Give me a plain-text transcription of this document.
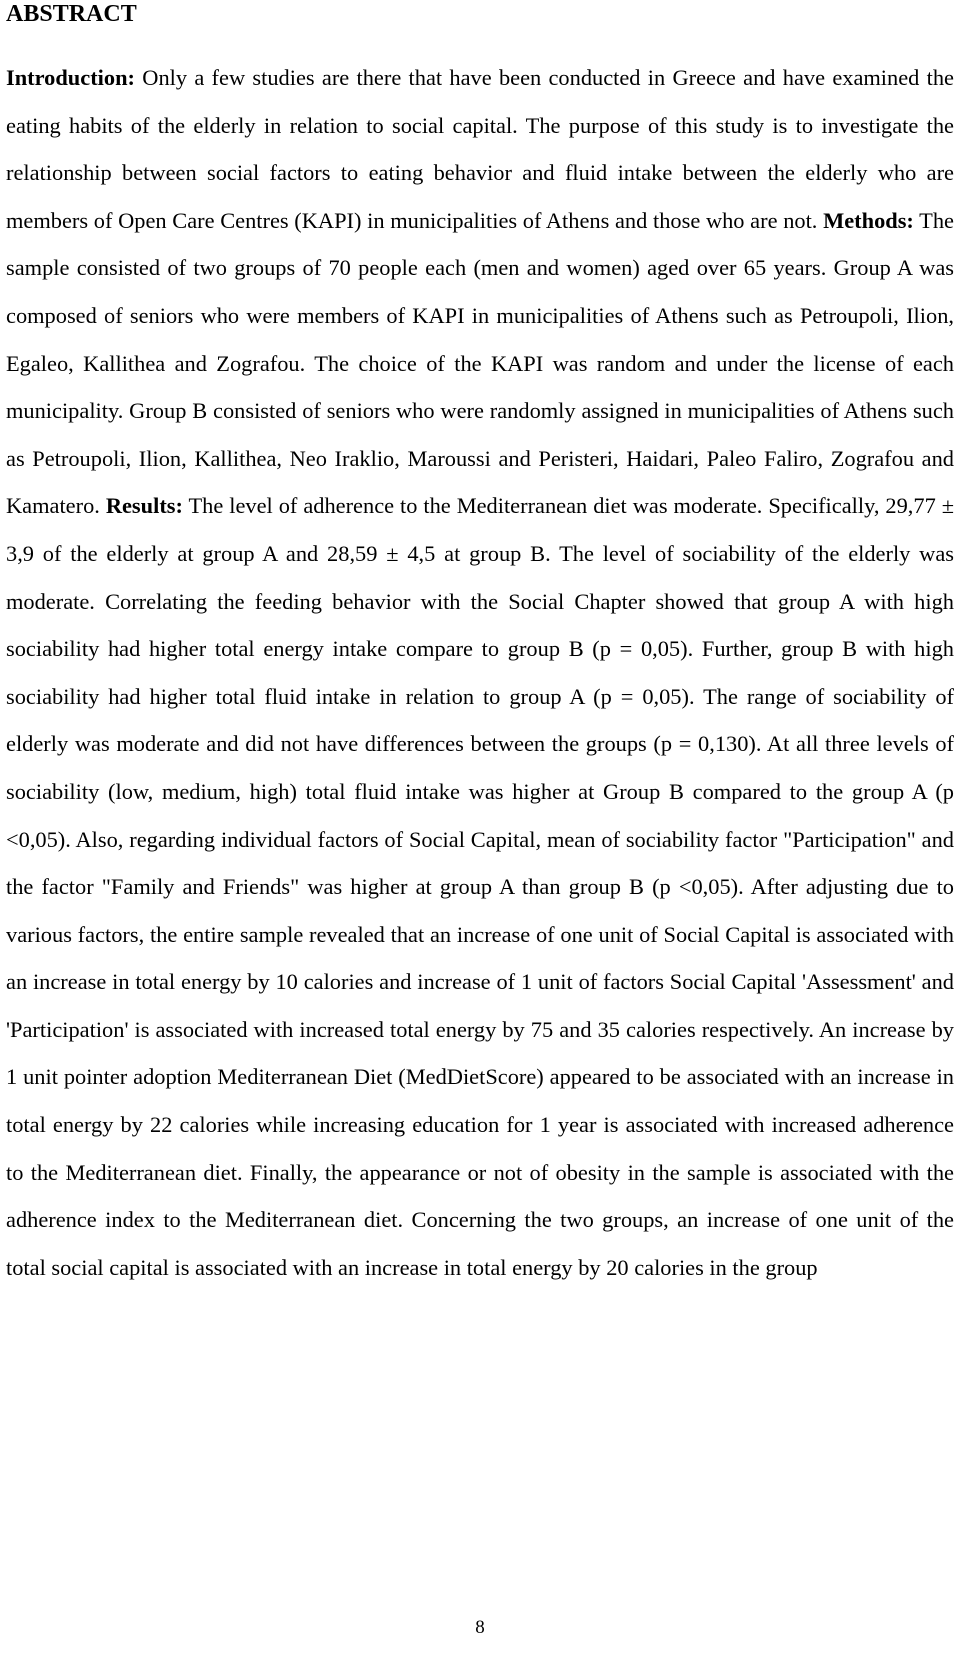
ABSTRACT

Introduction: Only a few studies are there that have been conducted in Greece and have examined the eating habits of the elderly in relation to social capital. The purpose of this study is to investigate the relationship between social factors to eating behavior and fluid intake between the elderly who are members of Open Care Centres (KAPI) in municipalities of Athens and those who are not. Methods: The sample consisted of two groups of 70 people each (men and women) aged over 65 years. Group A was composed of seniors who were members of KAPI in municipalities of Athens such as Petroupoli, Ilion, Egaleo, Kallithea and Zografou. The choice of the KAPI was random and under the license of each municipality. Group B consisted of seniors who were randomly assigned in municipalities of Athens such as Petroupoli, Ilion, Kallithea, Neo Iraklio, Maroussi and Peristeri, Haidari, Paleo Faliro, Zografou and Kamatero. Results: The level of adherence to the Mediterranean diet was moderate. Specifically, 29,77 ± 3,9 of the elderly at group A and 28,59 ± 4,5 at group B. The level of sociability of the elderly was moderate. Correlating the feeding behavior with the Social Chapter showed that group A with high sociability had higher total energy intake compare to group B (p = 0,05). Further, group B with high sociability had higher total fluid intake in relation to group A (p = 0,05). The range of sociability of elderly was moderate and did not have differences between the groups (p = 0,130). At all three levels of sociability (low, medium, high) total fluid intake was higher at Group B compared to the group A (p <0,05). Also, regarding individual factors of Social Capital, mean of sociability factor "Participation" and the factor "Family and Friends" was higher at group A than group B (p <0,05). After adjusting due to various factors, the entire sample revealed that an increase of one unit of Social Capital is associated with an increase in total energy by 10 calories and increase of 1 unit of factors Social Capital 'Assessment' and 'Participation' is associated with increased total energy by 75 and 35 calories respectively. An increase by 1 unit pointer adoption Mediterranean Diet (MedDietScore) appeared to be associated with an increase in total energy by 22 calories while increasing education for 1 year is associated with increased adherence to the Mediterranean diet. Finally, the appearance or not of obesity in the sample is associated with the adherence index to the Mediterranean diet. Concerning the two groups, an increase of one unit of the total social capital is associated with an increase in total energy by 20 calories in the group

8
